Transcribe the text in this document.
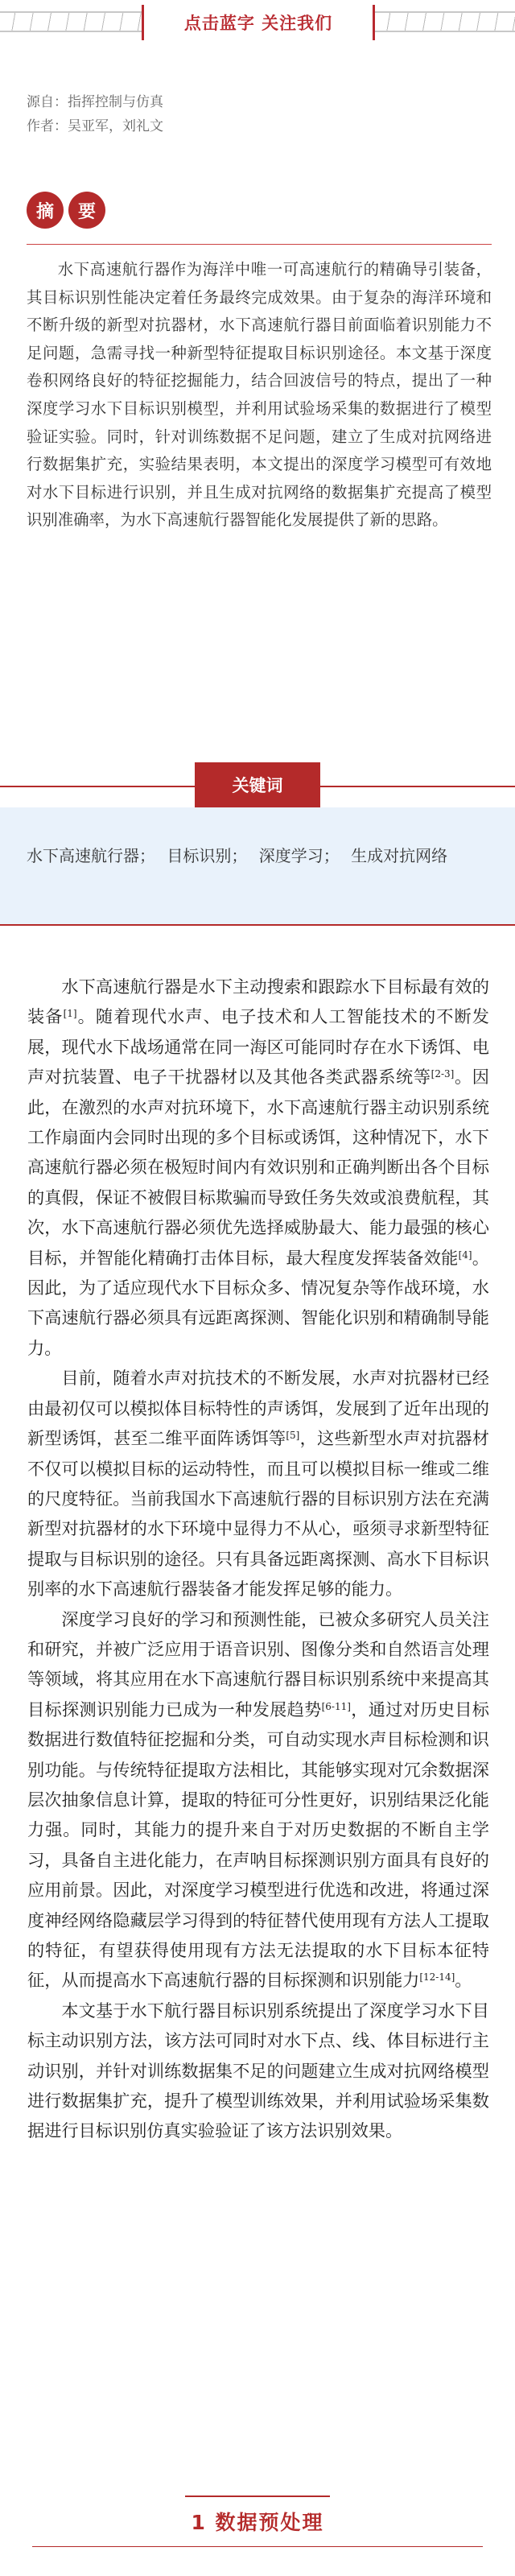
点击蓝字 关注我们
源自： 指挥控制与仿真
作者： 吴亚军，刘礼文
摘	要
水下高速航行器作为海洋中唯一可高速航行的精确导引装备，其目标识别性能决定着任务最终完成效果。由于复杂的海洋环境和不断升级的新型对抗器材，水下高速航行器目前面临着识别能力不足问题，急需寻找一种新型特征提取目标识别途径。本文基于深度卷积网络良好的特征挖掘能力，结合回波信号的特点，提出了一种深度学习水下目标识别模型，并利用试验场采集的数据进行了模型验证实验。同时，针对训练数据不足问题，建立了生成对抗网络进行数据集扩充，实验结果表明，本文提出的深度学习模型可有效地对水下目标进行识别，并且生成对抗网络的数据集扩充提高了模型识别准确率，为水下高速航行器智能化发展提供了新的思路。
关键词
水下高速航行器； 目标识别； 深度学习； 生成对抗网络

水下高速航行器是水下主动搜索和跟踪水下目标最有效的装备[1]。随着现代水声、电子技术和人工智能技术的不断发展，现代水下战场通常在同一海区可能同时存在水下诱饵、电声对抗装置、电子干扰器材以及其他各类武器系统等[2-3]。因此，在激烈的水声对抗环境下，水下高速航行器主动识别系统工作扇面内会同时出现的多个目标或诱饵，这种情况下，水下高速航行器必须在极短时间内有效识别和正确判断出各个目标的真假，保证不被假目标欺骗而导致任务失效或浪费航程，其次，水下高速航行器必须优先选择威胁最大、能力最强的核心目标，并智能化精确打击体目标，最大程度发挥装备效能[4]。因此，为了适应现代水下目标众多、情况复杂等作战环境，水下高速航行器必须具有远距离探测、智能化识别和精确制导能力。

目前，随着水声对抗技术的不断发展，水声对抗器材已经由最初仅可以模拟体目标特性的声诱饵，发展到了近年出现的新型诱饵，甚至二维平面阵诱饵等[5]，这些新型水声对抗器材不仅可以模拟目标的运动特性，而且可以模拟目标一维或二维的尺度特征。当前我国水下高速航行器的目标识别方法在充满新型对抗器材的水下环境中显得力不从心，亟须寻求新型特征提取与目标识别的途径。只有具备远距离探测、高水下目标识别率的水下高速航行器装备才能发挥足够的能力。

深度学习良好的学习和预测性能，已被众多研究人员关注和研究，并被广泛应用于语音识别、图像分类和自然语言处理等领域，将其应用在水下高速航行器目标识别系统中来提高其目标探测识别能力已成为一种发展趋势[6-11]，通过对历史目标数据进行数值特征挖掘和分类，可自动实现水声目标检测和识别功能。与传统特征提取方法相比，其能够实现对冗余数据深层次抽象信息计算，提取的特征可分性更好，识别结果泛化能力强。同时，其能力的提升来自于对历史数据的不断自主学习，具备自主进化能力，在声呐目标探测识别方面具有良好的应用前景。因此，对深度学习模型进行优选和改进，将通过深度神经网络隐藏层学习得到的特征替代使用现有方法人工提取的特征，有望获得使用现有方法无法提取的水下目标本征特征，从而提高水下高速航行器的目标探测和识别能力[12-14]。

本文基于水下航行器目标识别系统提出了深度学习水下目标主动识别方法，该方法可同时对水下点、线、体目标进行主动识别，并针对训练数据集不足的问题建立生成对抗网络模型进行数据集扩充，提升了模型训练效果，并利用试验场采集数据进行目标识别仿真实验验证了该方法识别效果。

1 数据预处理
